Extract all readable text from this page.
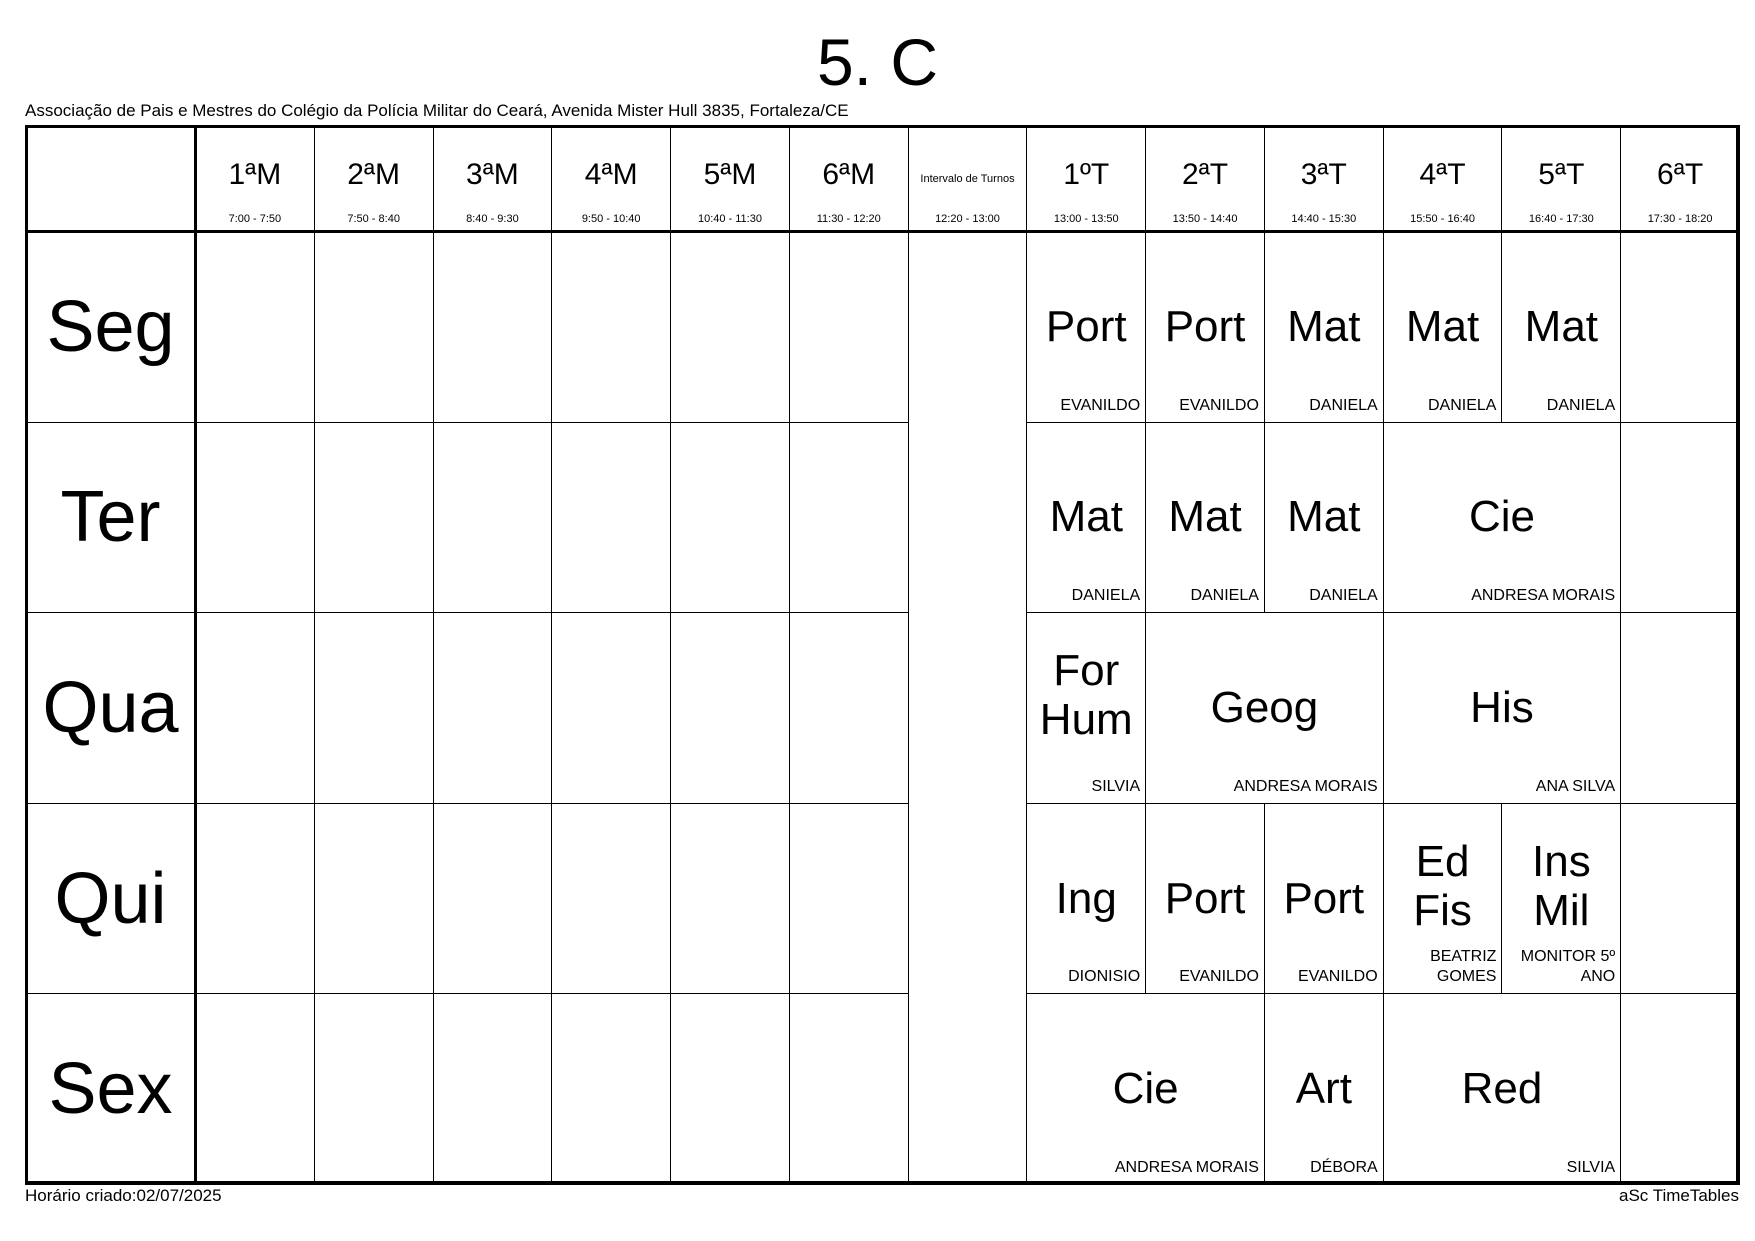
5. C
Associação de Pais e Mestres do Colégio da Polícia Militar do Ceará, Avenida Mister Hull 3835, Fortaleza/CE
1ªM
7:00 - 7:50
2ªM
7:50 - 8:40
3ªM
8:40 - 9:30
4ªM
9:50 - 10:40
5ªM
10:40 - 11:30
6ªM
11:30 - 12:20
Intervalo de Turnos
12:20 - 13:00
1ºT
13:00 - 13:50
2ªT
13:50 - 14:40
3ªT
14:40 - 15:30
4ªT
15:50 - 16:40
5ªT
16:40 - 17:30
6ªT
17:30 - 18:20
Seg
Ter
Qua
Qui
Sex
Port
EVANILDO
Port
EVANILDO
Mat
DANIELA
Mat
DANIELA
Mat
DANIELA
Mat
DANIELA
Mat
DANIELA
Mat
DANIELA
Cie
ANDRESA MORAIS
For Hum
SILVIA
Geog
ANDRESA MORAIS
His
ANA SILVA
Ing
DIONISIO
Port
EVANILDO
Port
EVANILDO
Ed Fis
BEATRIZ GOMES
Ins Mil
MONITOR 5º ANO
Cie
ANDRESA MORAIS
Art
DÉBORA
Red
SILVIA
Horário criado:02/07/2025	aSc TimeTables
